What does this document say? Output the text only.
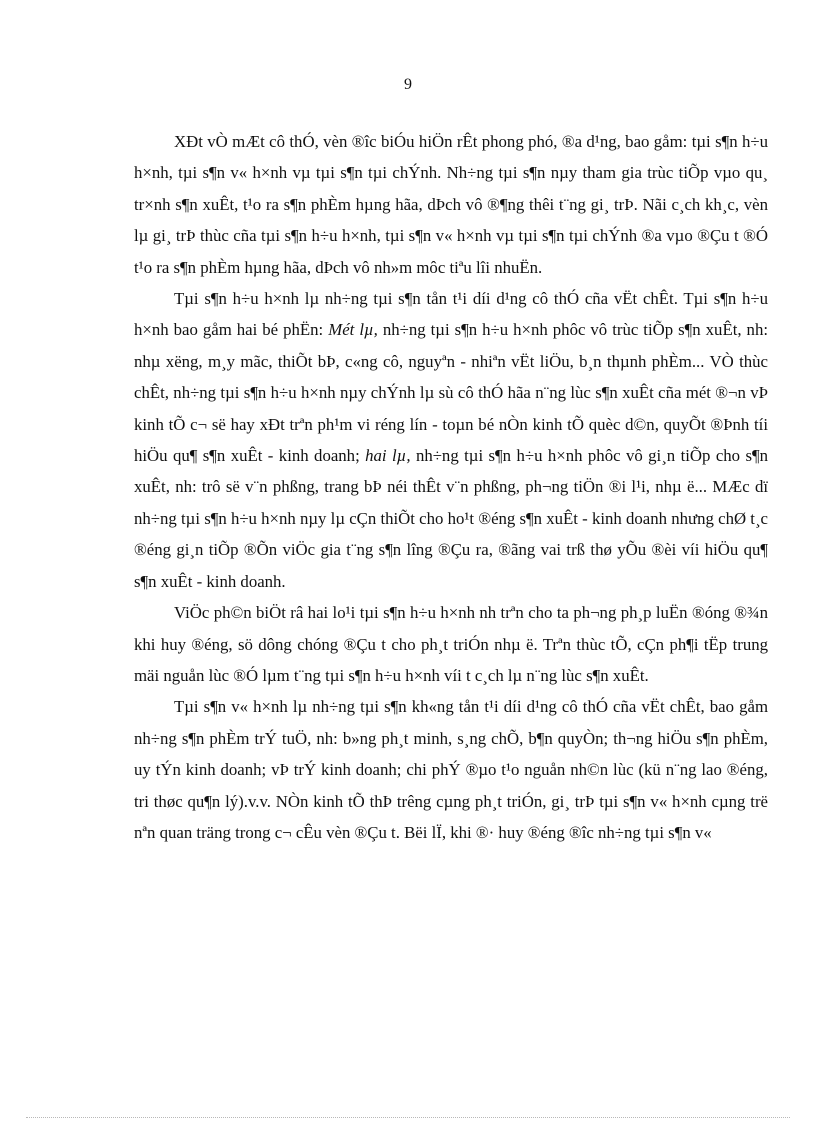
9

XÐt vÒ mÆt cô thÓ, vèn ®îc biÓu hiÖn rÊt phong phó, ®a d¹ng, bao gåm: tµi s¶n h÷u h×nh, tµi s¶n v« h×nh vµ tµi s¶n tµi chÝnh. Nh÷ng tµi s¶n nµy tham gia trùc tiÕp vµo qu¸ tr×nh s¶n xuÊt, t¹o ra s¶n phÈm hµng hãa, dÞch vô ®¶ng thêi t¨ng gi¸ trÞ. Nãi c¸ch kh¸c, vèn lµ gi¸ trÞ thùc cña tµi s¶n h÷u h×nh, tµi s¶n v« h×nh vµ tµi s¶n tµi chÝnh ®a vµo ®Çu t ®Ó t¹o ra s¶n phÈm hµng hãa, dÞch vô nh»m môc tiªu lîi nhuËn.

Tµi s¶n h÷u h×nh lµ nh÷ng tµi s¶n tån t¹i díi d¹ng cô thÓ cña vËt chÊt. Tµi s¶n h÷u h×nh bao gåm hai bé phËn: Mét lµ, nh÷ng tµi s¶n h÷u h×nh phôc vô trùc tiÕp s¶n xuÊt, nh: nhµ xëng, m¸y mãc, thiÕt bÞ, c«ng cô, nguyªn - nhiªn vËt liÖu, b¸n thµnh phÈm... VÒ thùc chÊt, nh÷ng tµi s¶n h÷u h×nh nµy chÝnh lµ sù cô thÓ hãa n¨ng lùc s¶n xuÊt cña mét ®¬n vÞ kinh tÕ c¬ së hay xÐt trªn ph¹m vi réng lín - toµn bé nÒn kinh tÕ quèc d©n, quyÕt ®Þnh tíi hiÖu qu¶ s¶n xuÊt - kinh doanh; hai lµ, nh÷ng tµi s¶n h÷u h×nh phôc vô gi¸n tiÕp cho s¶n xuÊt, nh: trô së v¨n phßng, trang bÞ néi thÊt v¨n phßng, ph¬ng tiÖn ®i l¹i, nhµ ë... MÆc dï nh÷ng tµi s¶n h÷u h×nh nµy lµ cÇn thiÕt cho ho¹t ®éng s¶n xuÊt - kinh doanh nhưng chØ t¸c ®éng gi¸n tiÕp ®Õn viÖc gia t¨ng s¶n lîng ®Çu ra, ®ãng vai trß thø yÕu ®èi víi hiÖu qu¶ s¶n xuÊt - kinh doanh.

ViÖc ph©n biÖt râ hai lo¹i tµi s¶n h÷u h×nh nh trªn cho ta ph¬ng ph¸p luËn ®óng ®¾n khi huy ®éng, sö dông chóng ®Çu t cho ph¸t triÓn nhµ ë. Trªn thùc tÕ, cÇn ph¶i tËp trung mäi nguån lùc ®Ó lµm t¨ng tµi s¶n h÷u h×nh víi t c¸ch lµ n¨ng lùc s¶n xuÊt.

Tµi s¶n v« h×nh lµ nh÷ng tµi s¶n kh«ng tån t¹i díi d¹ng cô thÓ cña vËt chÊt, bao gåm nh÷ng s¶n phÈm trÝ tuÖ, nh: b»ng ph¸t minh, s¸ng chÕ, b¶n quyÒn; th¬ng hiÖu s¶n phÈm, uy tÝn kinh doanh; vÞ trÝ kinh doanh; chi phÝ ®µo t¹o nguån nh©n lùc (kü n¨ng lao ®éng, tri thøc qu¶n lý).v.v. NÒn kinh tÕ thÞ trêng cµng ph¸t triÓn, gi¸ trÞ tµi s¶n v« h×nh cµng trë nªn quan träng trong c¬ cÊu vèn ®Çu t. Bëi lÏ, khi ®· huy ®éng ®îc nh÷ng tµi s¶n v«
